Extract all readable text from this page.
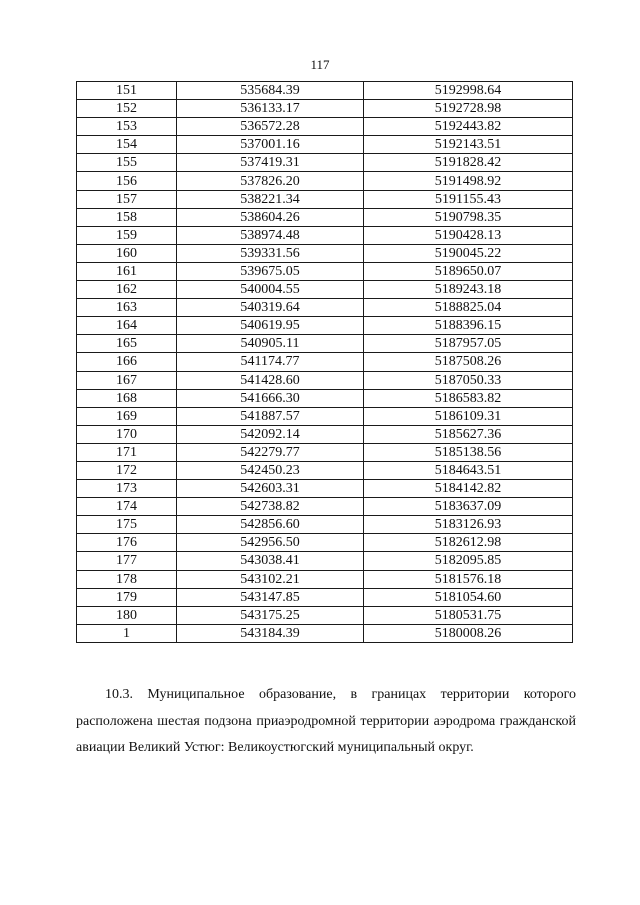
117
151	535684.39	5192998.64
152	536133.17	5192728.98
153	536572.28	5192443.82
154	537001.16	5192143.51
155	537419.31	5191828.42
156	537826.20	5191498.92
157	538221.34	5191155.43
158	538604.26	5190798.35
159	538974.48	5190428.13
160	539331.56	5190045.22
161	539675.05	5189650.07
162	540004.55	5189243.18
163	540319.64	5188825.04
164	540619.95	5188396.15
165	540905.11	5187957.05
166	541174.77	5187508.26
167	541428.60	5187050.33
168	541666.30	5186583.82
169	541887.57	5186109.31
170	542092.14	5185627.36
171	542279.77	5185138.56
172	542450.23	5184643.51
173	542603.31	5184142.82
174	542738.82	5183637.09
175	542856.60	5183126.93
176	542956.50	5182612.98
177	543038.41	5182095.85
178	543102.21	5181576.18
179	543147.85	5181054.60
180	543175.25	5180531.75
1	543184.39	5180008.26

10.3. Муниципальное образование, в границах территории которого расположена шестая подзона приаэродромной территории аэродрома гражданской авиации Великий Устюг: Великоустюгский муниципальный округ.
